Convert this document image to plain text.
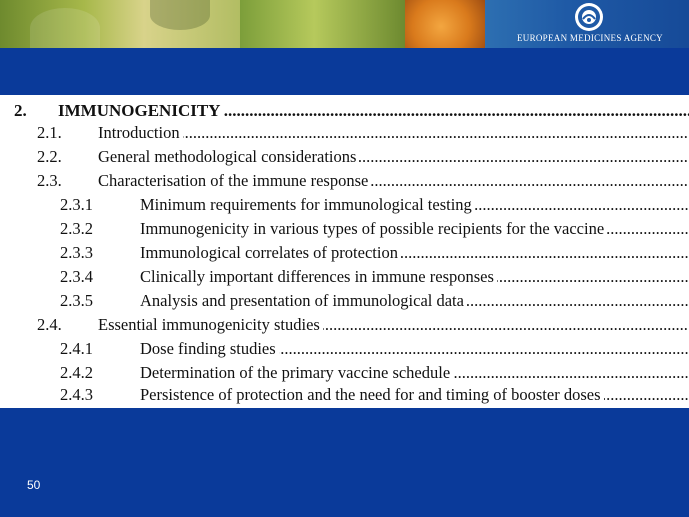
EUROPEAN MEDICINES AGENCY
2. IMMUNOGENICITY .....
2.1. Introduction .....
2.2. General methodological considerations .....
2.3. Characterisation of the immune response .....
2.3.1	Minimum requirements for immunological testing .....
2.3.2	Immunogenicity in various types of possible recipients for the vaccine .....
2.3.3	Immunological correlates of protection .....
2.3.4	Clinically important differences in immune responses .....
2.3.5	Analysis and presentation of immunological data .....
2.4. Essential immunogenicity studies .....
2.4.1	Dose finding studies .....
2.4.2	Determination of the primary vaccine schedule .....
2.4.3	Persistence of protection and the need for and timing of booster doses .....
50
